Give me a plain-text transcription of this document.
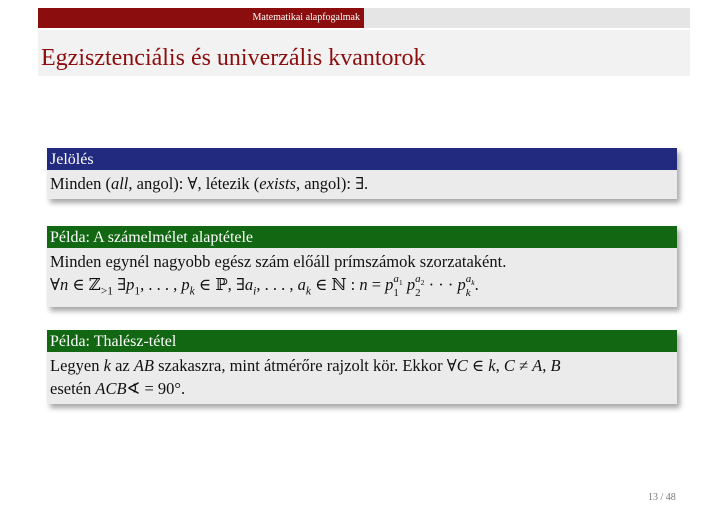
Matematikai alapfogalmak
Egzisztenciális és univerzális kvantorok
Jelölés
Minden (all, angol): ∀, létezik (exists, angol): ∃.
Példa: A számelmélet alaptétele
Minden egynél nagyobb egész szám előáll prímszámok szorzataként.
∀n ∈ ℤ$_{>1}$ $\exists p_1$, . . . , $p_k$ ∈ ℙ, $\exists a_i$, . . . , $a_k$ ∈ ℕ : n = p $a_1$
1 p $a_2$
2 · · · p $a_k$
k .
Példa: Thalész-tétel
Legyen k az AB szakaszra, mint átmérőre rajzolt kör. Ekkor ∀C ∈ k, C ≠ A, B
esetén ACB∢ = 90°.
13 / 48
